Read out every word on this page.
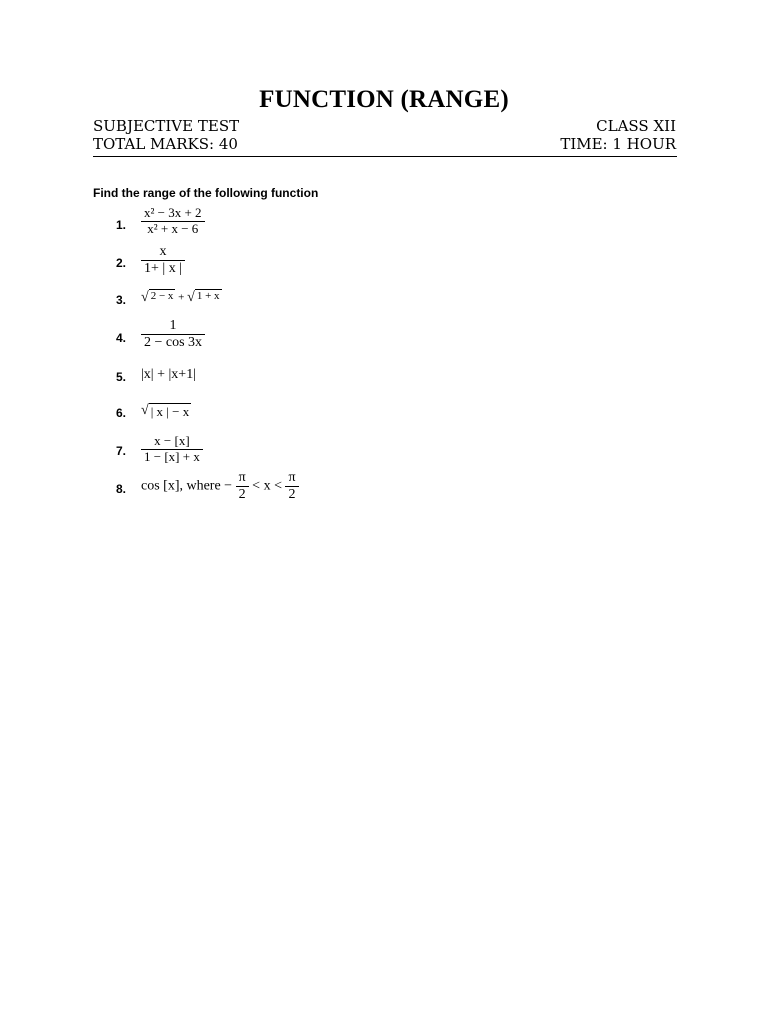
FUNCTION (RANGE)
SUBJECTIVE TEST	CLASS XII
TOTAL MARKS: 40	TIME: 1 HOUR
Find the range of the following function
1. $\frac{\text{x² − 3x + 2}}{\text{x² + x − 6}}$
2. $\frac{x}{1+ | x |}$
3. √ 2 − x + √ 1 + x
4. $\frac{1}{2 - \cos 3x}$
5. |x| + |x+1|
6. √ | x | − x
7. $\frac{x - [x]}{1 - [x] + x}$
8. cos [x], where − $\frac{\pi}{2} < x < \frac{\pi}{2}$
